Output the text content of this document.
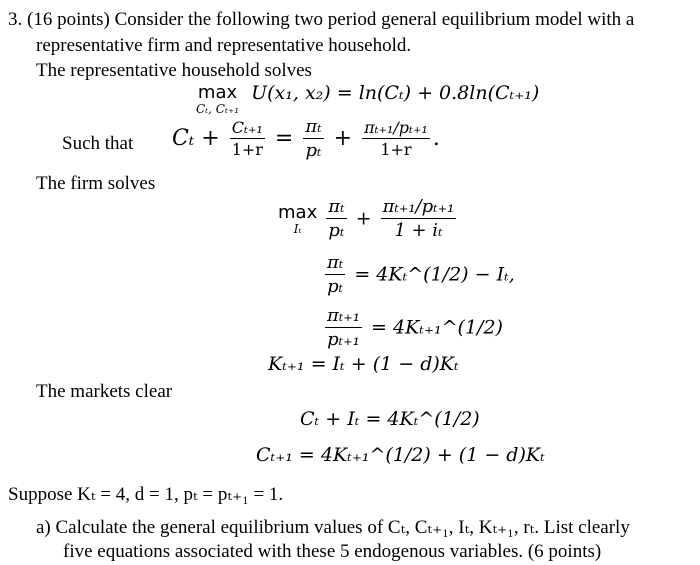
3. (16 points) Consider the following two period general equilibrium model with a
representative firm and representative household.
The representative household solves
max
Cₜ, Cₜ₊₁
U(x₁, x₂) = ln(Cₜ) + 0.8ln(Cₜ₊₁)
Such that $C_t + \frac{\text{Cₜ₊₁}}{1+r} = \frac{\text{πₜ}}{\text{pₜ}} + \frac{\text{πₜ₊₁/pₜ₊₁}}{1+r}$ .
The firm solves
max
Iₜ
	$\frac{\text{πₜ}}{\text{pₜ}} + \frac{\text{πₜ₊₁/pₜ₊₁}}{\text{1 + iₜ}}$
$\frac{\text{πₜ}}{\text{pₜ}}$ = 4Kₜ^(1/2) − Iₜ,
$\frac{\text{πₜ₊₁}}{\text{pₜ₊₁}}$ = 4Kₜ₊₁^(1/2)
Kₜ₊₁ = Iₜ + (1 − d)Kₜ
The markets clear
Cₜ + Iₜ = 4Kₜ^(1/2)
Cₜ₊₁ = 4Kₜ₊₁^(1/2) + (1 − d)Kₜ
Suppose Kₜ = 4, d = 1, pₜ = pₜ₊₁ = 1.
a) Calculate the general equilibrium values of Cₜ, Cₜ₊₁, Iₜ, Kₜ₊₁, rₜ. List clearly
five equations associated with these 5 endogenous variables. (6 points)
